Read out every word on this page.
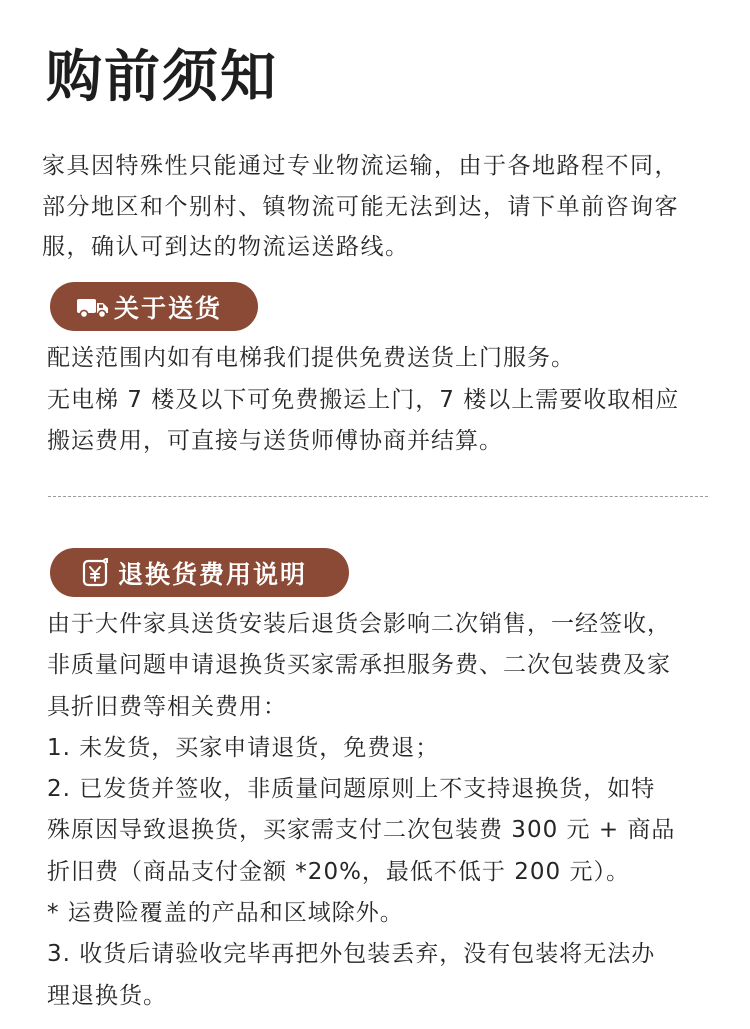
购前须知

家具因特殊性只能通过专业物流运输，由于各地路程不同，
部分地区和个别村、镇物流可能无法到达，请下单前咨询客
服，确认可到达的物流运送路线。

关于送货
配送范围内如有电梯我们提供免费送货上门服务。
无电梯 7 楼及以下可免费搬运上门，7 楼以上需要收取相应
搬运费用，可直接与送货师傅协商并结算。
退换货费用说明
由于大件家具送货安装后退货会影响二次销售，一经签收，
非质量问题申请退换货买家需承担服务费、二次包装费及家
具折旧费等相关费用：
1. 未发货，买家申请退货，免费退；
2. 已发货并签收，非质量问题原则上不支持退换货，如特
殊原因导致退换货，买家需支付二次包装费 300 元 + 商品
折旧费（商品支付金额 *20%，最低不低于 200 元）。
* 运费险覆盖的产品和区域除外。
3. 收货后请验收完毕再把外包装丢弃，没有包装将无法办
理退换货。
